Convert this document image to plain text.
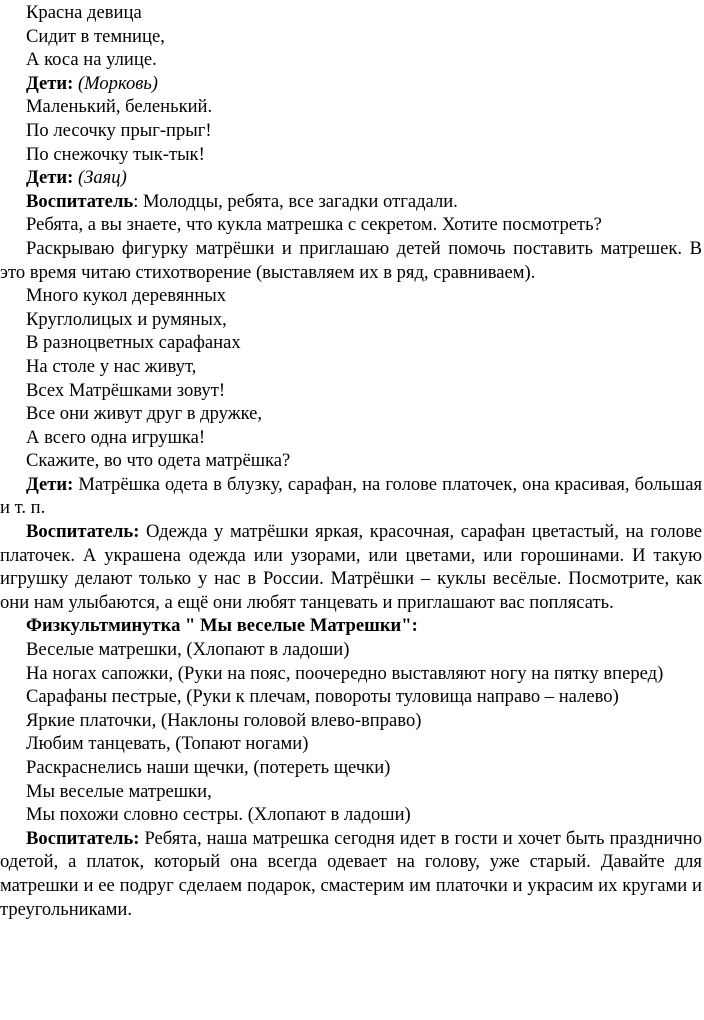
Красна девица
Сидит в темнице,
А коса на улице.
Дети: (Морковь)
Маленький, беленький.
По лесочку прыг-прыг!
По снежочку тык-тык!
Дети: (Заяц)
Воспитатель: Молодцы, ребята, все загадки отгадали.
Ребята, а вы знаете, что кукла матрешка с секретом. Хотите посмотреть?

Раскрываю фигурку матрёшки и приглашаю детей помочь поставить матрешек. В это время читаю стихотворение (выставляем их в ряд, сравниваем).

Много кукол деревянных
Круглолицых и румяных,
В разноцветных сарафанах
На столе у нас живут,
Всех Матрёшками зовут!
Все они живут друг в дружке,
А всего одна игрушка!
Скажите, во что одета матрёшка?

Дети: Матрёшка одета в блузку, сарафан, на голове платочек, она красивая, большая и т. п.

Воспитатель: Одежда у матрёшки яркая, красочная, сарафан цветастый, на голове платочек. А украшена одежда или узорами, или цветами, или горошинами. И такую игрушку делают только у нас в России. Матрёшки – куклы весёлые. Посмотрите, как они нам улыбаются, а ещё они любят танцевать и приглашают вас поплясать.

Физкультминутка " Мы веселые Матрешки":
Веселые матрешки, (Хлопают в ладоши)

На ногах сапожки, (Руки на пояс, поочередно выставляют ногу на пятку вперед)

Сарафаны пестрые, (Руки к плечам, повороты туловища направо – налево)
Яркие платочки, (Наклоны головой влево-вправо)
Любим танцевать, (Топают ногами)
Раскраснелись наши щечки, (потереть щечки)
Мы веселые матрешки,
Мы похожи словно сестры. (Хлопают в ладоши)

Воспитатель: Ребята, наша матрешка сегодня идет в гости и хочет быть празднично одетой, а платок, который она всегда одевает на голову, уже старый. Давайте для матрешки и ее подруг сделаем подарок, смастерим им платочки и украсим их кругами и треугольниками.
